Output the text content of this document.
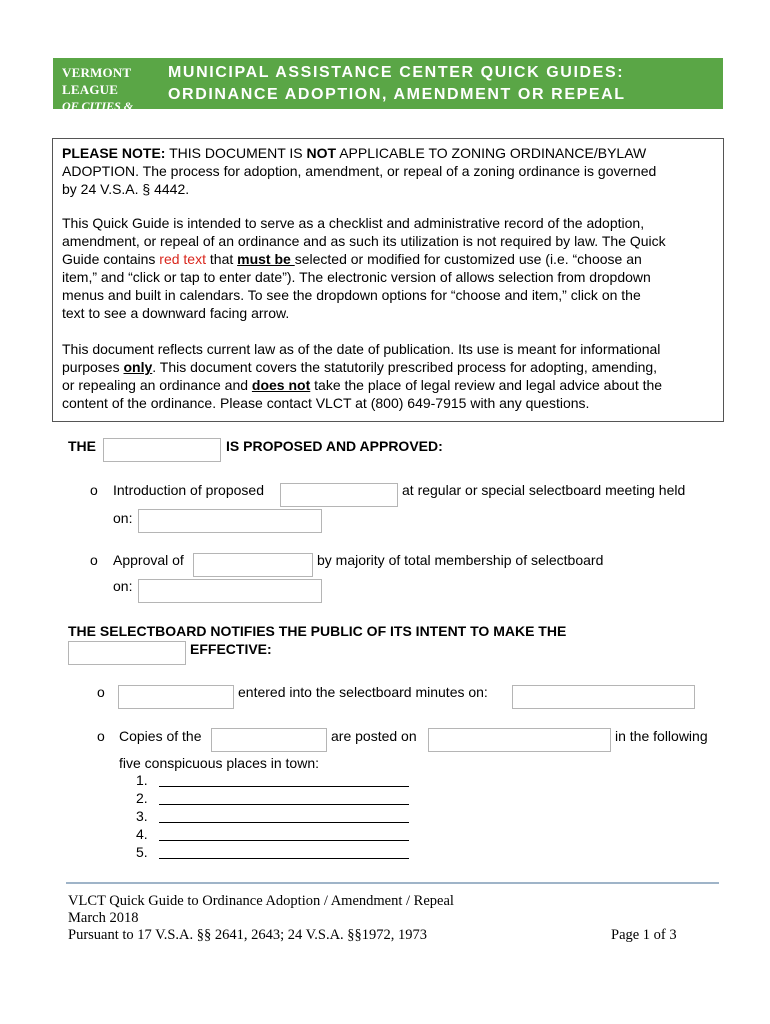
VERMONT LEAGUE
OF CITIES & TOWNS
MUNICIPAL ASSISTANCE CENTER QUICK GUIDES:
ORDINANCE ADOPTION, AMENDMENT OR REPEAL
PLEASE NOTE: THIS DOCUMENT IS NOT APPLICABLE TO ZONING ORDINANCE/BYLAW
ADOPTION. The process for adoption, amendment, or repeal of a zoning ordinance is governed
by 24 V.S.A. § 4442.
This Quick Guide is intended to serve as a checklist and administrative record of the adoption,
amendment, or repeal of an ordinance and as such its utilization is not required by law. The Quick
Guide contains red text that must be selected or modified for customized use (i.e. “choose an
item,” and “click or tap to enter date”). The electronic version of allows selection from dropdown
menus and built in calendars. To see the dropdown options for “choose and item,” click on the
text to see a downward facing arrow.
This document reflects current law as of the date of publication. Its use is meant for informational
purposes only. This document covers the statutorily prescribed process for adopting, amending,
or repealing an ordinance and does not take the place of legal review and legal advice about the
content of the ordinance. Please contact VLCT at (800) 649-7915 with any questions.
THE	IS PROPOSED AND APPROVED:
o Introduction of proposed	at regular or special selectboard meeting held
on:
o Approval of	by majority of total membership of selectboard
on:
THE SELECTBOARD NOTIFIES THE PUBLIC OF ITS INTENT TO MAKE THE
EFFECTIVE:
o	entered into the selectboard minutes on:
o Copies of the	are posted on	in the following
five conspicuous places in town:
1.
2.
3.
4.
5.
VLCT Quick Guide to Ordinance Adoption / Amendment / Repeal
March 2018
Pursuant to 17 V.S.A. §§ 2641, 2643; 24 V.S.A. §§1972, 1973	Page 1 of 3
